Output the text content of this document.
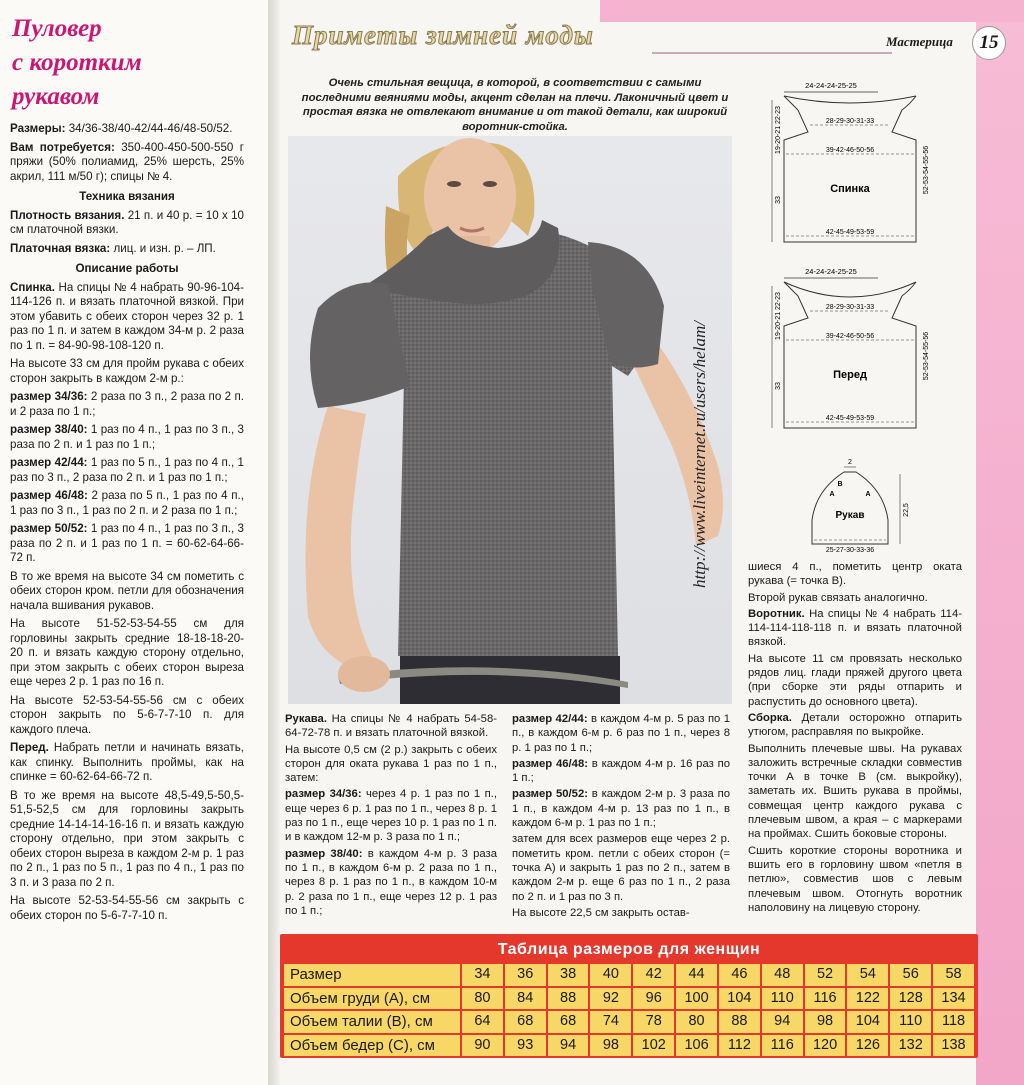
Пуловер
с коротким
рукавом

Размеры: 34/36-38/40-42/44-46/48-50/52.

Вам потребуется: 350-400-450-500-550 г пряжи (50% полиамид, 25% шерсть, 25% акрил, 111 м/50 г); спицы № 4.

Техника вязания

Плотность вязания. 21 п. и 40 р. = 10 х 10 см платочной вязки.

Платочная вязка: лиц. и изн. р. – ЛП.

Описание работы

Спинка. На спицы № 4 набрать 90-96-104-114-126 п. и вязать платочной вязкой. При этом убавить с обеих сторон через 32 р. 1 раз по 1 п. и затем в каждом 34-м р. 2 раза по 1 п. = 84-90-98-108-120 п.

На высоте 33 см для пройм рукава с обеих сторон закрыть в каждом 2-м р.:

размер 34/36: 2 раза по 3 п., 2 раза по 2 п. и 2 раза по 1 п.;

размер 38/40: 1 раз по 4 п., 1 раз по 3 п., 3 раза по 2 п. и 1 раз по 1 п.;

размер 42/44: 1 раз по 5 п., 1 раз по 4 п., 1 раз по 3 п., 2 раза по 2 п. и 1 раз по 1 п.;

размер 46/48: 2 раза по 5 п., 1 раз по 4 п., 1 раз по 3 п., 1 раз по 2 п. и 2 раза по 1 п.;

размер 50/52: 1 раз по 4 п., 1 раз по 3 п., 3 раза по 2 п. и 1 раз по 1 п. = 60-62-64-66-72 п.

В то же время на высоте 34 см пометить с обеих сторон кром. петли для обозначения начала вшивания рукавов.

На высоте 51-52-53-54-55 см для горловины закрыть средние 18-18-18-20-20 п. и вязать каждую сторону отдельно, при этом закрыть с обеих сторон выреза еще через 2 р. 1 раз по 16 п.

На высоте 52-53-54-55-56 см с обеих сторон закрыть по 5-6-7-7-10 п. для каждого плеча.

Перед. Набрать петли и начинать вязать, как спинку. Выполнить проймы, как на спинке = 60-62-64-66-72 п.

В то же время на высоте 48,5-49,5-50,5-51,5-52,5 см для горловины закрыть средние 14-14-14-16-16 п. и вязать каждую сторону отдельно, при этом закрыть с обеих сторон выреза в каждом 2-м р. 1 раз по 2 п., 1 раз по 5 п., 1 раз по 4 п., 1 раз по 3 п. и 3 раза по 2 п.

На высоте 52-53-54-55-56 см закрыть с обеих сторон по 5-6-7-7-10 п.

Приметы зимней моды	Мастерица	15
Очень стильная вещица, в которой, в соответствии с самыми последними веяниями моды, акцент сделан на плечи. Лаконичный цвет и простая вязка не отвлекают внимание и от такой детали, как широкий воротник-стойка.
http://www.liveinternet.ru/users/helam/
24-24-24-25-25
28-29-30-31-33
39-42-46-50-56
Спинка
42-45-49-53-59
19-20-21 22-23
33
52-53-54-55-56
24-24-24-25-25
28-29-30-31-33
39-42-46-50-56
Перед
42-45-49-53-59
19-20-21 22-23
33
52-53-54-55-56
2
B
A	A
Рукав
25-27-30-33-36
22,5

Рукава. На спицы № 4 набрать 54-58-64-72-78 п. и вязать платочной вязкой.

На высоте 0,5 см (2 р.) закрыть с обеих сторон для оката рукава 1 раз по 1 п., затем:

размер 34/36: через 4 р. 1 раз по 1 п., еще через 6 р. 1 раз по 1 п., через 8 р. 1 раз по 1 п., еще через 10 р. 1 раз по 1 п. и в каждом 12-м р. 3 раза по 1 п.;

размер 38/40: в каждом 4-м р. 3 раза по 1 п., в каждом 6-м р. 2 раза по 1 п., через 8 р. 1 раз по 1 п., в каждом 10-м р. 2 раза по 1 п., еще через 12 р. 1 раз по 1 п.;

размер 42/44: в каждом 4-м р. 5 раз по 1 п., в каждом 6-м р. 6 раз по 1 п., через 8 р. 1 раз по 1 п.;

размер 46/48: в каждом 4-м р. 16 раз по 1 п.;

размер 50/52: в каждом 2-м р. 3 раза по 1 п., в каждом 4-м р. 13 раз по 1 п., в каждом 6-м р. 1 раз по 1 п.;

затем для всех размеров еще через 2 р. пометить кром. петли с обеих сторон (= точка А) и закрыть 1 раз по 2 п., затем в каждом 2-м р. еще 6 раз по 1 п., 2 раза по 2 п. и 1 раз по 3 п.

На высоте 22,5 см закрыть остав-

шиеся 4 п., пометить центр оката рукава (= точка В).

Второй рукав связать аналогично.

Воротник. На спицы № 4 набрать 114-114-114-118-118 п. и вязать платочной вязкой.

На высоте 11 см провязать несколько рядов лиц. глади пряжей другого цвета (при сборке эти ряды отпарить и распустить до основного цвета).

Сборка. Детали осторожно отпарить утюгом, расправляя по выкройке.

Выполнить плечевые швы. На рукавах заложить встречные складки совместив точки А в точке В (см. выкройку), заметать их. Вшить рукава в проймы, совмещая центр каждого рукава с плечевым швом, а края – с маркерами на проймах. Сшить боковые стороны.

Сшить короткие стороны воротника и вшить его в горловину швом «петля в петлю», совместив шов с левым плечевым швом. Отогнуть воротник наполовину на лицевую сторону.

Таблица размеров для женщин
Размер	34	36	38	40	42	44	46	48	52	54	56	58
Объем груди (А), см	80	84	88	92	96	100	104	110	116	122	128	134
Объем талии (В), см	64	68	68	74	78	80	88	94	98	104	110	118
Объем бедер (С), см	90	93	94	98	102	106	112	116	120	126	132	138
